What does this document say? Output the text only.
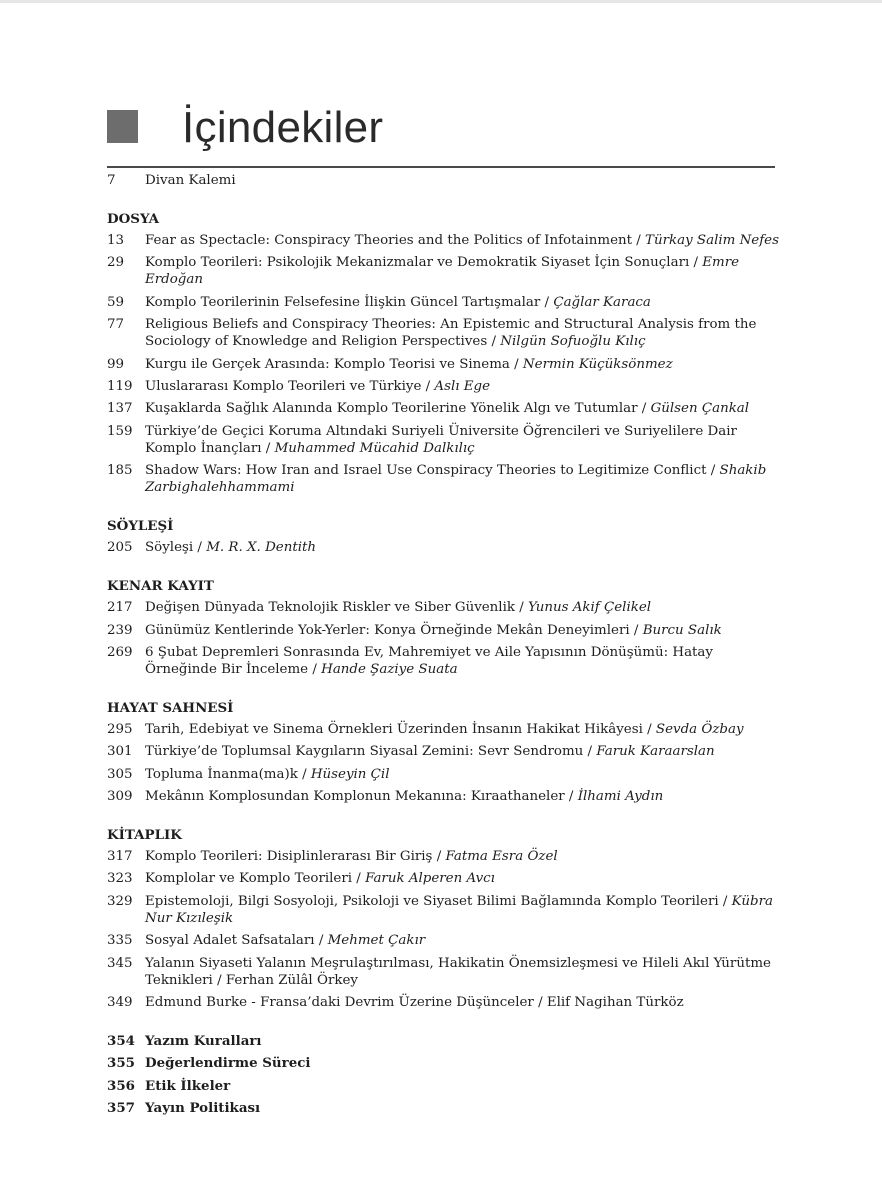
İçindekiler
7	Divan Kalemi
DOSYA
13	Fear as Spectacle: Conspiracy Theories and the Politics of Infotainment / Türkay Salim Nefes
29	Komplo Teorileri: Psikolojik Mekanizmalar ve Demokratik Siyaset İçin Sonuçları / Emre Erdoğan
59	Komplo Teorilerinin Felsefesine İlişkin Güncel Tartışmalar / Çağlar Karaca
77	Religious Beliefs and Conspiracy Theories: An Epistemic and Structural Analysis from the Sociology of Knowledge and Religion Perspectives / Nilgün Sofuoğlu Kılıç
99	Kurgu ile Gerçek Arasında: Komplo Teorisi ve Sinema / Nermin Küçüksönmez
119 Uluslararası Komplo Teorileri ve Türkiye / Aslı Ege
137 Kuşaklarda Sağlık Alanında Komplo Teorilerine Yönelik Algı ve Tutumlar / Gülsen Çankal
159 Türkiye’de Geçici Koruma Altındaki Suriyeli Üniversite Öğrencileri ve Suriyelilere Dair Komplo İnançları / Muhammed Mücahid Dalkılıç
185 Shadow Wars: How Iran and Israel Use Conspiracy Theories to Legitimize Conflict / Shakib Zarbighalehhammami
SÖYLEŞİ
205 Söyleşi / M. R. X. Dentith
KENAR KAYIT
217 Değişen Dünyada Teknolojik Riskler ve Siber Güvenlik / Yunus Akif Çelikel
239 Günümüz Kentlerinde Yok-Yerler: Konya Örneğinde Mekân Deneyimleri / Burcu Salık
269 6 Şubat Depremleri Sonrasında Ev, Mahremiyet ve Aile Yapısının Dönüşümü: Hatay Örneğinde Bir İnceleme / Hande Şaziye Suata
HAYAT SAHNESİ
295 Tarih, Edebiyat ve Sinema Örnekleri Üzerinden İnsanın Hakikat Hikâyesi / Sevda Özbay
301 Türkiye’de Toplumsal Kaygıların Siyasal Zemini: Sevr Sendromu / Faruk Karaarslan
305 Topluma İnanma(ma)k / Hüseyin Çil
309 Mekânın Komplosundan Komplonun Mekanına: Kıraathaneler / İlhami Aydın
KİTAPLIK
317 Komplo Teorileri: Disiplinlerarası Bir Giriş / Fatma Esra Özel
323 Komplolar ve Komplo Teorileri / Faruk Alperen Avcı
329 Epistemoloji, Bilgi Sosyoloji, Psikoloji ve Siyaset Bilimi Bağlamında Komplo Teorileri/ Kübra Nur Kızıleşik
335 Sosyal Adalet Safsataları / Mehmet Çakır
345 Yalanın Siyaseti Yalanın Meşrulaştırılması, Hakikatin Önemsizleşmesi ve Hileli Akıl Yürütme Teknikleri / Ferhan Zülâl Örkey
349 Edmund Burke - Fransa’daki Devrim Üzerine Düşünceler / Elif Nagihan Türköz
354 Yazım Kuralları
355 Değerlendirme Süreci
356 Etik İlkeler
357 Yayın Politikası
